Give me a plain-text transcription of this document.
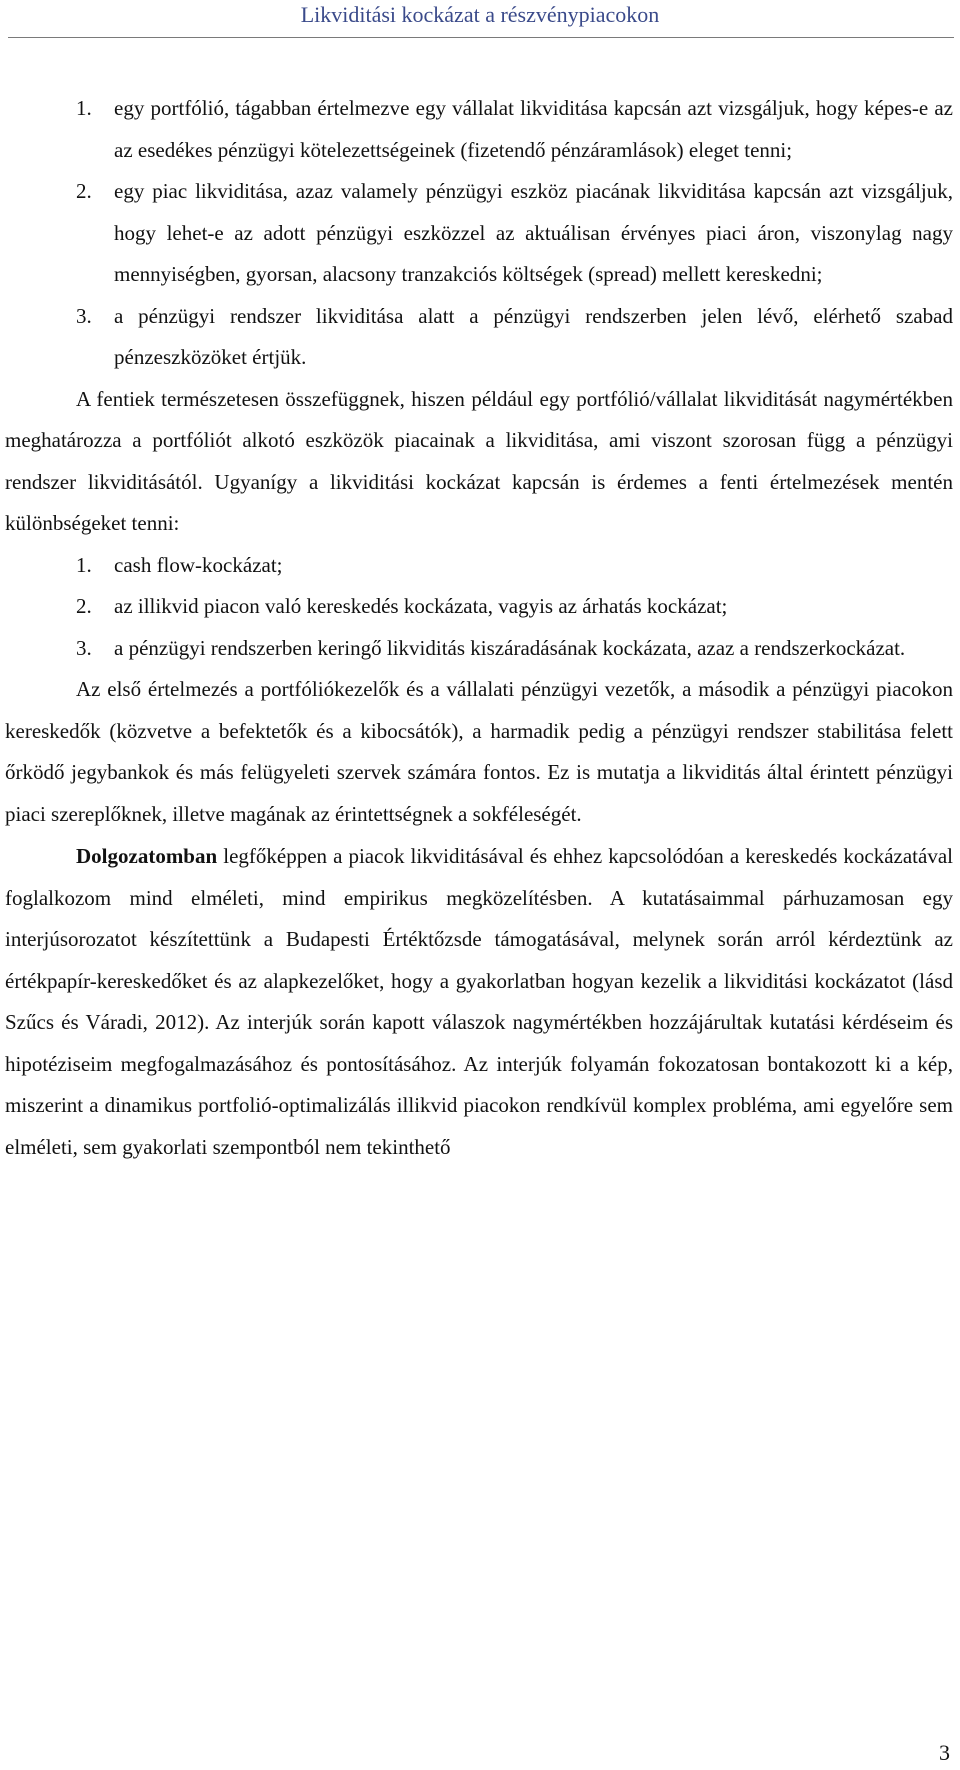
Likviditási kockázat a részvénypiacokon
1.	egy portfólió, tágabban értelmezve egy vállalat likviditása kapcsán azt vizsgáljuk, hogy képes-e az az esedékes pénzügyi kötelezettségeinek (fizetendő pénzáramlások) eleget tenni;
2.	egy piac likviditása, azaz valamely pénzügyi eszköz piacának likviditása kapcsán azt vizsgáljuk, hogy lehet-e az adott pénzügyi eszközzel az aktuálisan érvényes piaci áron, viszonylag nagy mennyiségben, gyorsan, alacsony tranzakciós költségek (spread) mellett kereskedni;
3.	a pénzügyi rendszer likviditása alatt a pénzügyi rendszerben jelen lévő, elérhető szabad pénzeszközöket értjük.

A fentiek természetesen összefüggnek, hiszen például egy portfólió/vállalat likviditását nagymértékben meghatározza a portfóliót alkotó eszközök piacainak a likviditása, ami viszont szorosan függ a pénzügyi rendszer likviditásától. Ugyanígy a likviditási kockázat kapcsán is érdemes a fenti értelmezések mentén különbségeket tenni:

1.	cash flow-kockázat;
2.	az illikvid piacon való kereskedés kockázata, vagyis az árhatás kockázat;
3.	a pénzügyi rendszerben keringő likviditás kiszáradásának kockázata, azaz a rendszerkockázat.

Az első értelmezés a portfóliókezelők és a vállalati pénzügyi vezetők, a második a pénzügyi piacokon kereskedők (közvetve a befektetők és a kibocsátók), a harmadik pedig a pénzügyi rendszer stabilitása felett őrködő jegybankok és más felügyeleti szervek számára fontos. Ez is mutatja a likviditás által érintett pénzügyi piaci szereplőknek, illetve magának az érintettségnek a sokféleségét.

Dolgozatomban legfőképpen a piacok likviditásával és ehhez kapcsolódóan a kereskedés kockázatával foglalkozom mind elméleti, mind empirikus megközelítésben. A kutatásaimmal párhuzamosan egy interjúsorozatot készítettünk a Budapesti Értéktőzsde támogatásával, melynek során arról kérdeztünk az értékpapír-kereskedőket és az alapkezelőket, hogy a gyakorlatban hogyan kezelik a likviditási kockázatot (lásd Szűcs és Váradi, 2012). Az interjúk során kapott válaszok nagymértékben hozzájárultak kutatási kérdéseim és hipotéziseim megfogalmazásához és pontosításához. Az interjúk folyamán fokozatosan bontakozott ki a kép, miszerint a dinamikus portfolió-optimalizálás illikvid piacokon rendkívül komplex probléma, ami egyelőre sem elméleti, sem gyakorlati szempontból nem tekinthető

3
